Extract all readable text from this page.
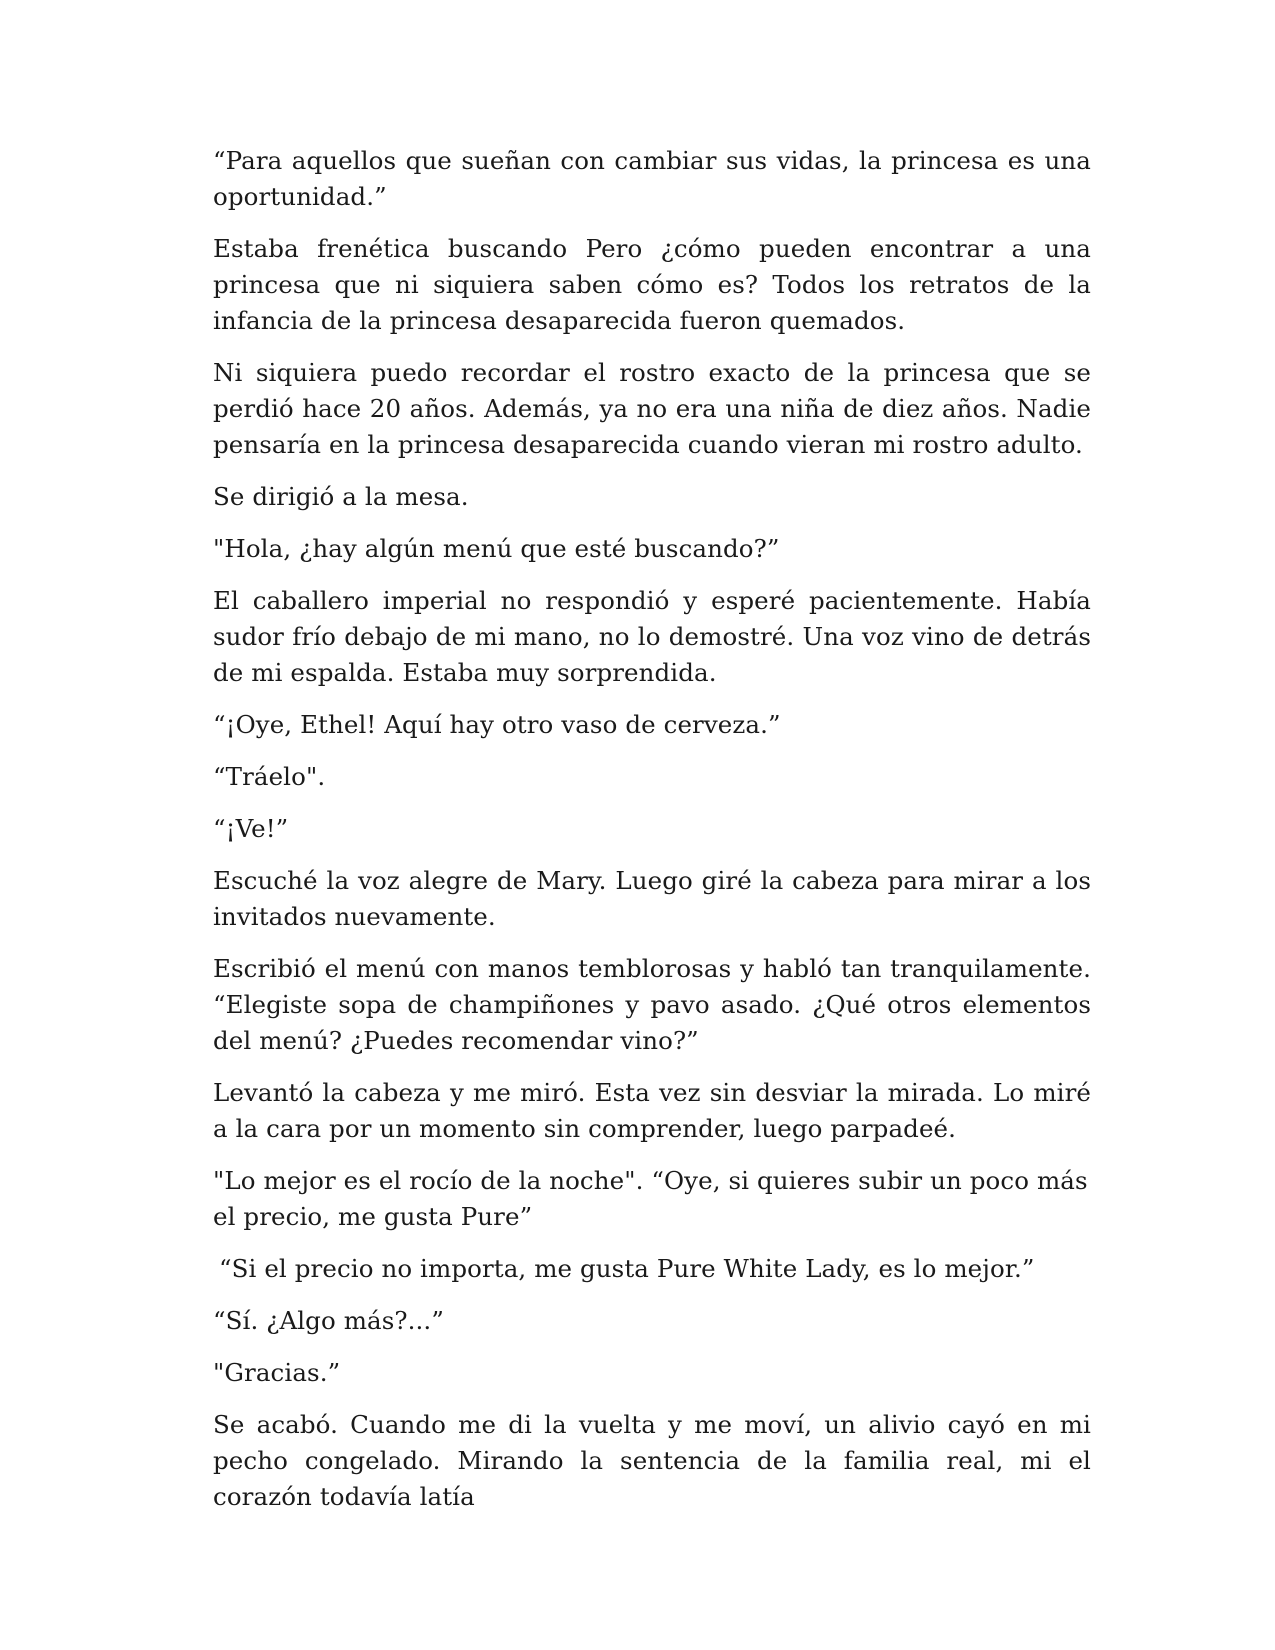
“Para aquellos que sueñan con cambiar sus vidas, la princesa es una oportunidad.”

Estaba frenética buscando Pero ¿cómo pueden encontrar a una princesa que ni siquiera saben cómo es? Todos los retratos de la infancia de la princesa desaparecida fueron quemados.

Ni siquiera puedo recordar el rostro exacto de la princesa que se perdió hace 20 años. Además, ya no era una niña de diez años. Nadie pensaría en la princesa desaparecida cuando vieran mi rostro adulto.

Se dirigió a la mesa.

"Hola, ¿hay algún menú que esté buscando?”

El caballero imperial no respondió y esperé pacientemente. Había sudor frío debajo de mi mano, no lo demostré. Una voz vino de detrás de mi espalda. Estaba muy sorprendida.

“¡Oye, Ethel! Aquí hay otro vaso de cerveza.”

“Tráelo".

“¡Ve!”

Escuché la voz alegre de Mary. Luego giré la cabeza para mirar a los invitados nuevamente.

Escribió el menú con manos temblorosas y habló tan tranquilamente. “Elegiste sopa de champiñones y pavo asado. ¿Qué otros elementos del menú? ¿Puedes recomendar vino?”

Levantó la cabeza y me miró. Esta vez sin desviar la mirada. Lo miré a la cara por un momento sin comprender, luego parpadeé.

"Lo mejor es el rocío de la noche". “Oye, si quieres subir un poco más el precio, me gusta Pure”

“Si el precio no importa, me gusta Pure White Lady, es lo mejor.”

“Sí. ¿Algo más?...”

"Gracias.”

Se acabó. Cuando me di la vuelta y me moví, un alivio cayó en mi pecho congelado. Mirando la sentencia de la familia real, mi el corazón todavía latía
